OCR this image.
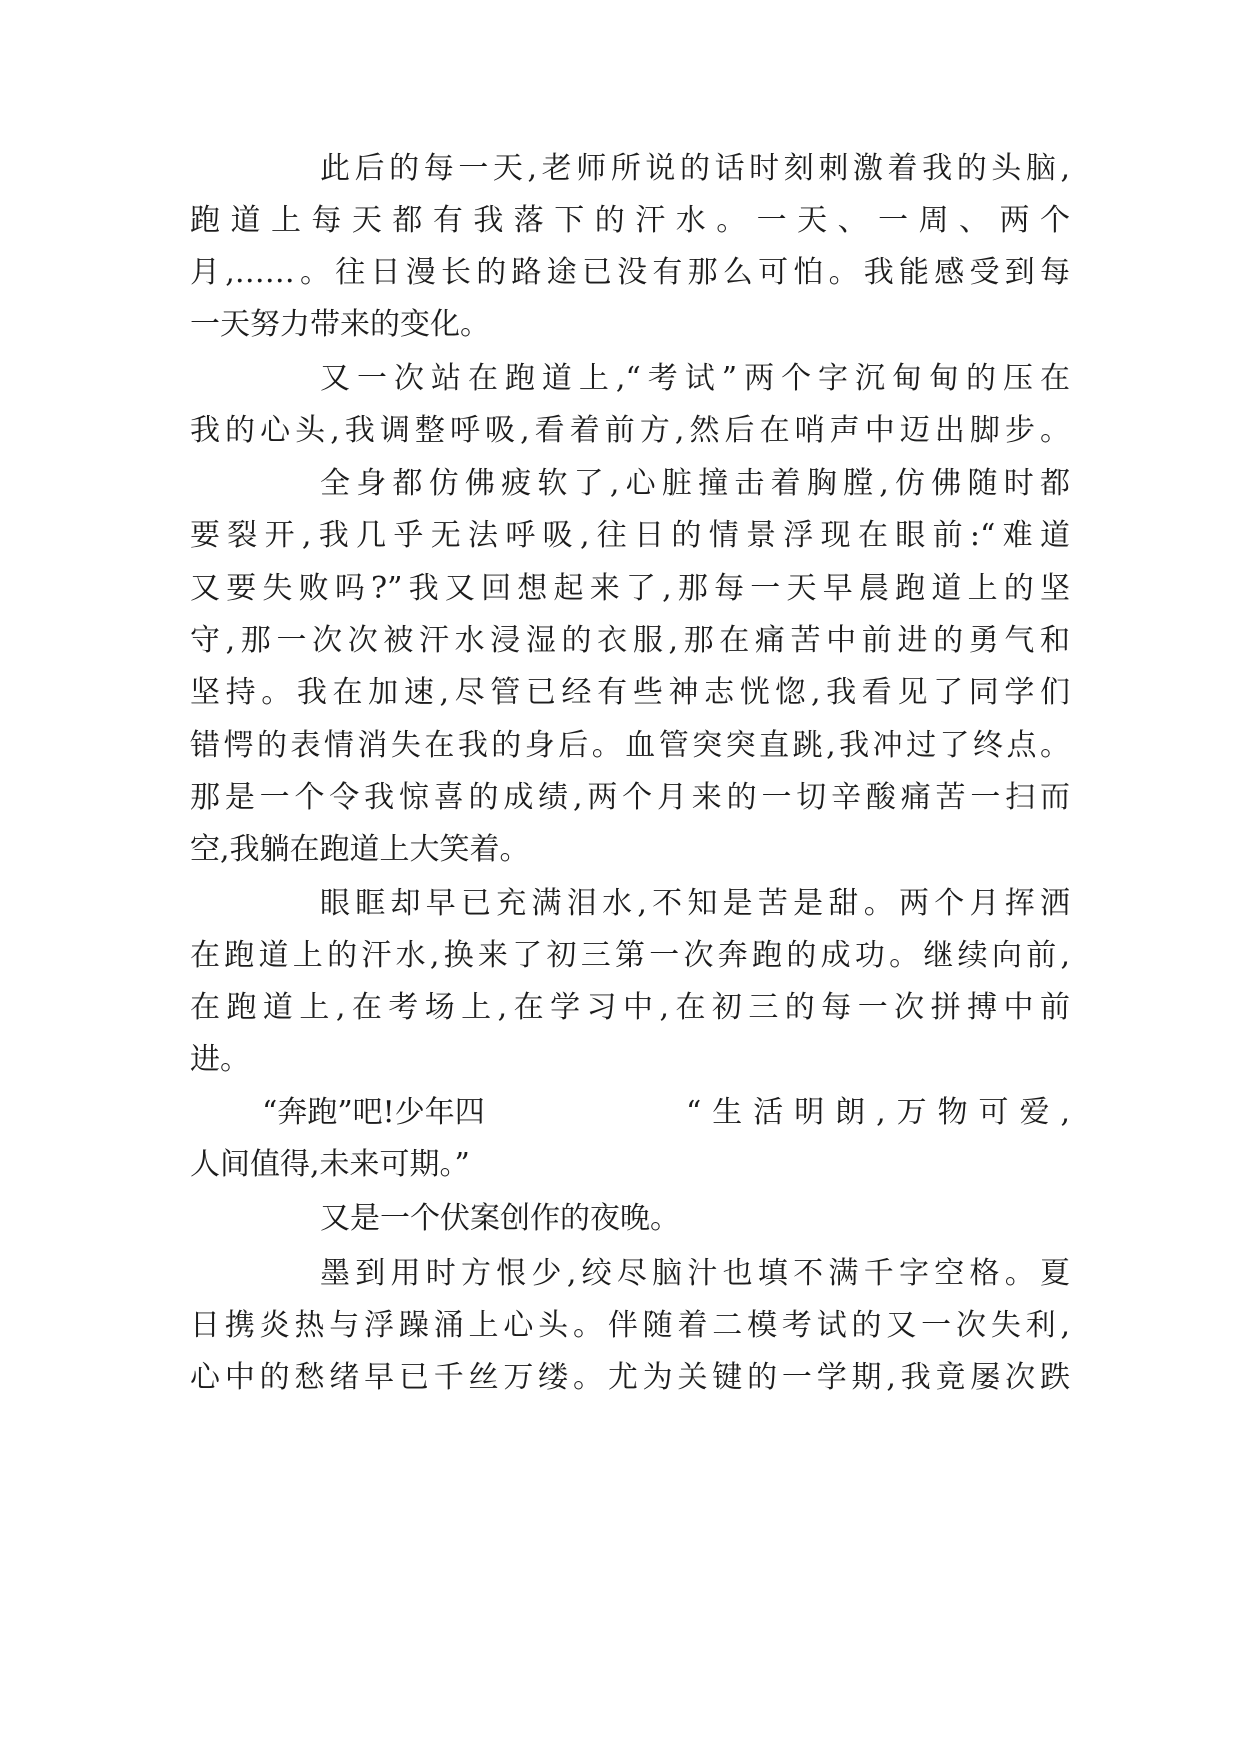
此后的每一天,老师所说的话时刻刺激着我的头脑,
跑道上每天都有我落下的汗水。一天、一周、两个
月,……。往日漫长的路途已没有那么可怕。我能感受到每
一天努力带来的变化。
又一次站在跑道上,“考试”两个字沉甸甸的压在
我的心头,我调整呼吸,看着前方,然后在哨声中迈出脚步。
全身都仿佛疲软了,心脏撞击着胸膛,仿佛随时都
要裂开,我几乎无法呼吸,往日的情景浮现在眼前:“难道
又要失败吗?”我又回想起来了,那每一天早晨跑道上的坚
守,那一次次被汗水浸湿的衣服,那在痛苦中前进的勇气和
坚持。我在加速,尽管已经有些神志恍惚,我看见了同学们
错愕的表情消失在我的身后。血管突突直跳,我冲过了终点。
那是一个令我惊喜的成绩,两个月来的一切辛酸痛苦一扫而
空,我躺在跑道上大笑着。
眼眶却早已充满泪水,不知是苦是甜。两个月挥洒
在跑道上的汗水,换来了初三第一次奔跑的成功。继续向前,
在跑道上,在考场上,在学习中,在初三的每一次拼搏中前
进。
“奔跑”吧!少年四	“生活明朗,万物可爱,
人间值得,未来可期。”
又是一个伏案创作的夜晚。
墨到用时方恨少,绞尽脑汁也填不满千字空格。夏
日携炎热与浮躁涌上心头。伴随着二模考试的又一次失利,
心中的愁绪早已千丝万缕。尤为关键的一学期,我竟屡次跌
